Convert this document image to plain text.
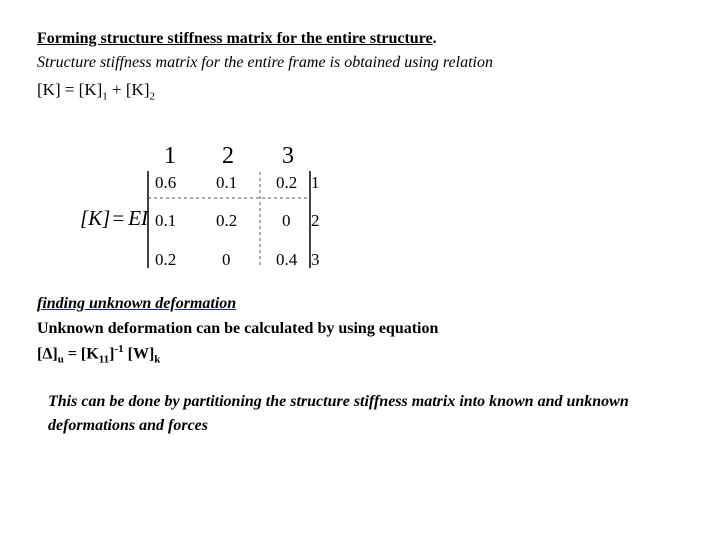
Forming structure stiffness matrix for the entire structure.
Structure stiffness matrix for the entire frame is obtained using relation
$[K] = [K]_1 + [K]_2$
1 2 3
[K]= EI
0.6 0.1 0.2 1
0.1 0.2	0 2
0.2	0	0.4 3
finding unknown deformation
Unknown deformation can be calculated by using equation
$[\Delta]_u = [K_{11}]^{-1}$ $[W]_k$
This can be done by partitioning the structure stiffness matrix into known and unknown deformations and forces
